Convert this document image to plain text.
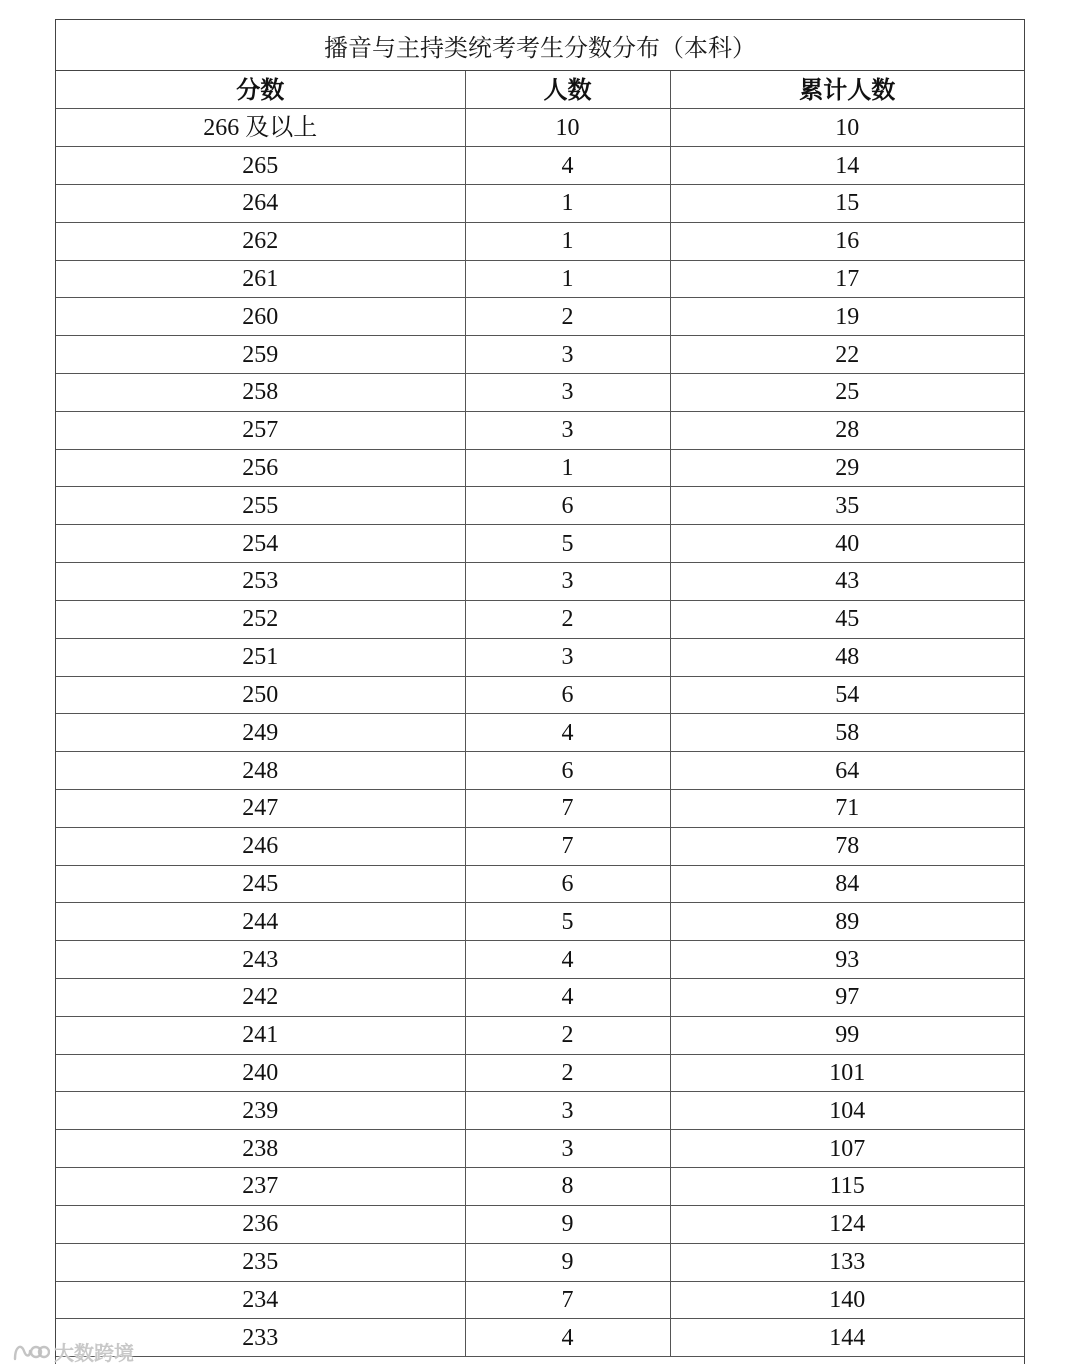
播音与主持类统考考生分数分布（本科）
分数	人数	累计人数
266 及以上	10	10
265	4	14
264	1	15
262	1	16
261	1	17
260	2	19
259	3	22
258	3	25
257	3	28
256	1	29
255	6	35
254	5	40
253	3	43
252	2	45
251	3	48
250	6	54
249	4	58
248	6	64
247	7	71
246	7	78
245	6	84
244	5	89
243	4	93
242	4	97
241	2	99
240	2	101
239	3	104
238	3	107
237	8	115
236	9	124
235	9	133
234	7	140
233	4	144
大数跨境
